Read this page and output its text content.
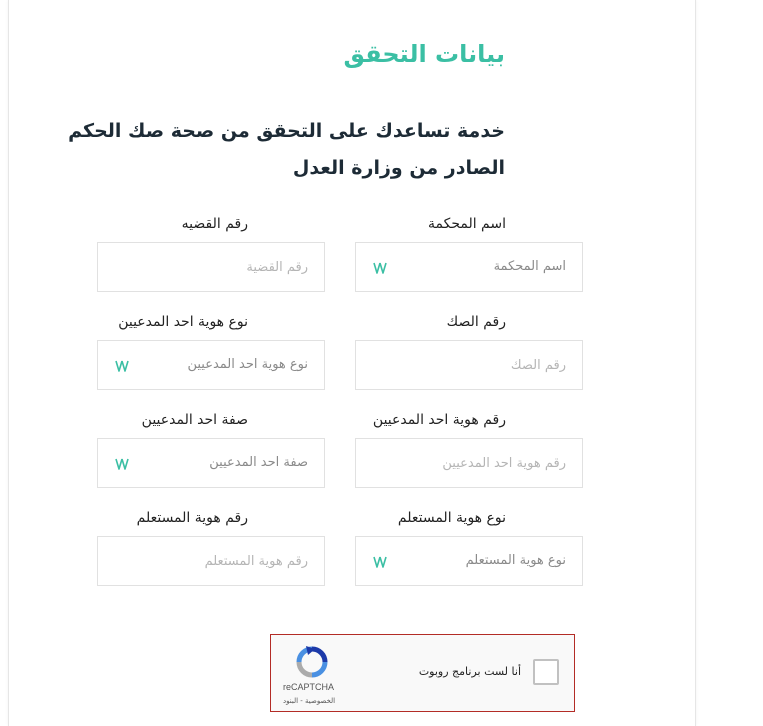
بيانات التحقق

خدمة تساعدك على التحقق من صحة صك الحكم الصادر من وزارة العدل

اسم المحكمة
اسم المحكمة
رقم القضيه
رقم القضية
رقم الصك
رقم الصك
نوع هوية احد المدعيين
نوع هوية احد المدعيين
رقم هوية احد المدعيين
رقم هوية احد المدعيين
صفة احد المدعيين
صفة احد المدعيين
نوع هوية المستعلم
نوع هوية المستعلم
رقم هوية المستعلم
رقم هوية المستعلم
أنا لست برنامج روبوت
reCAPTCHA
الخصوصية - البنود
